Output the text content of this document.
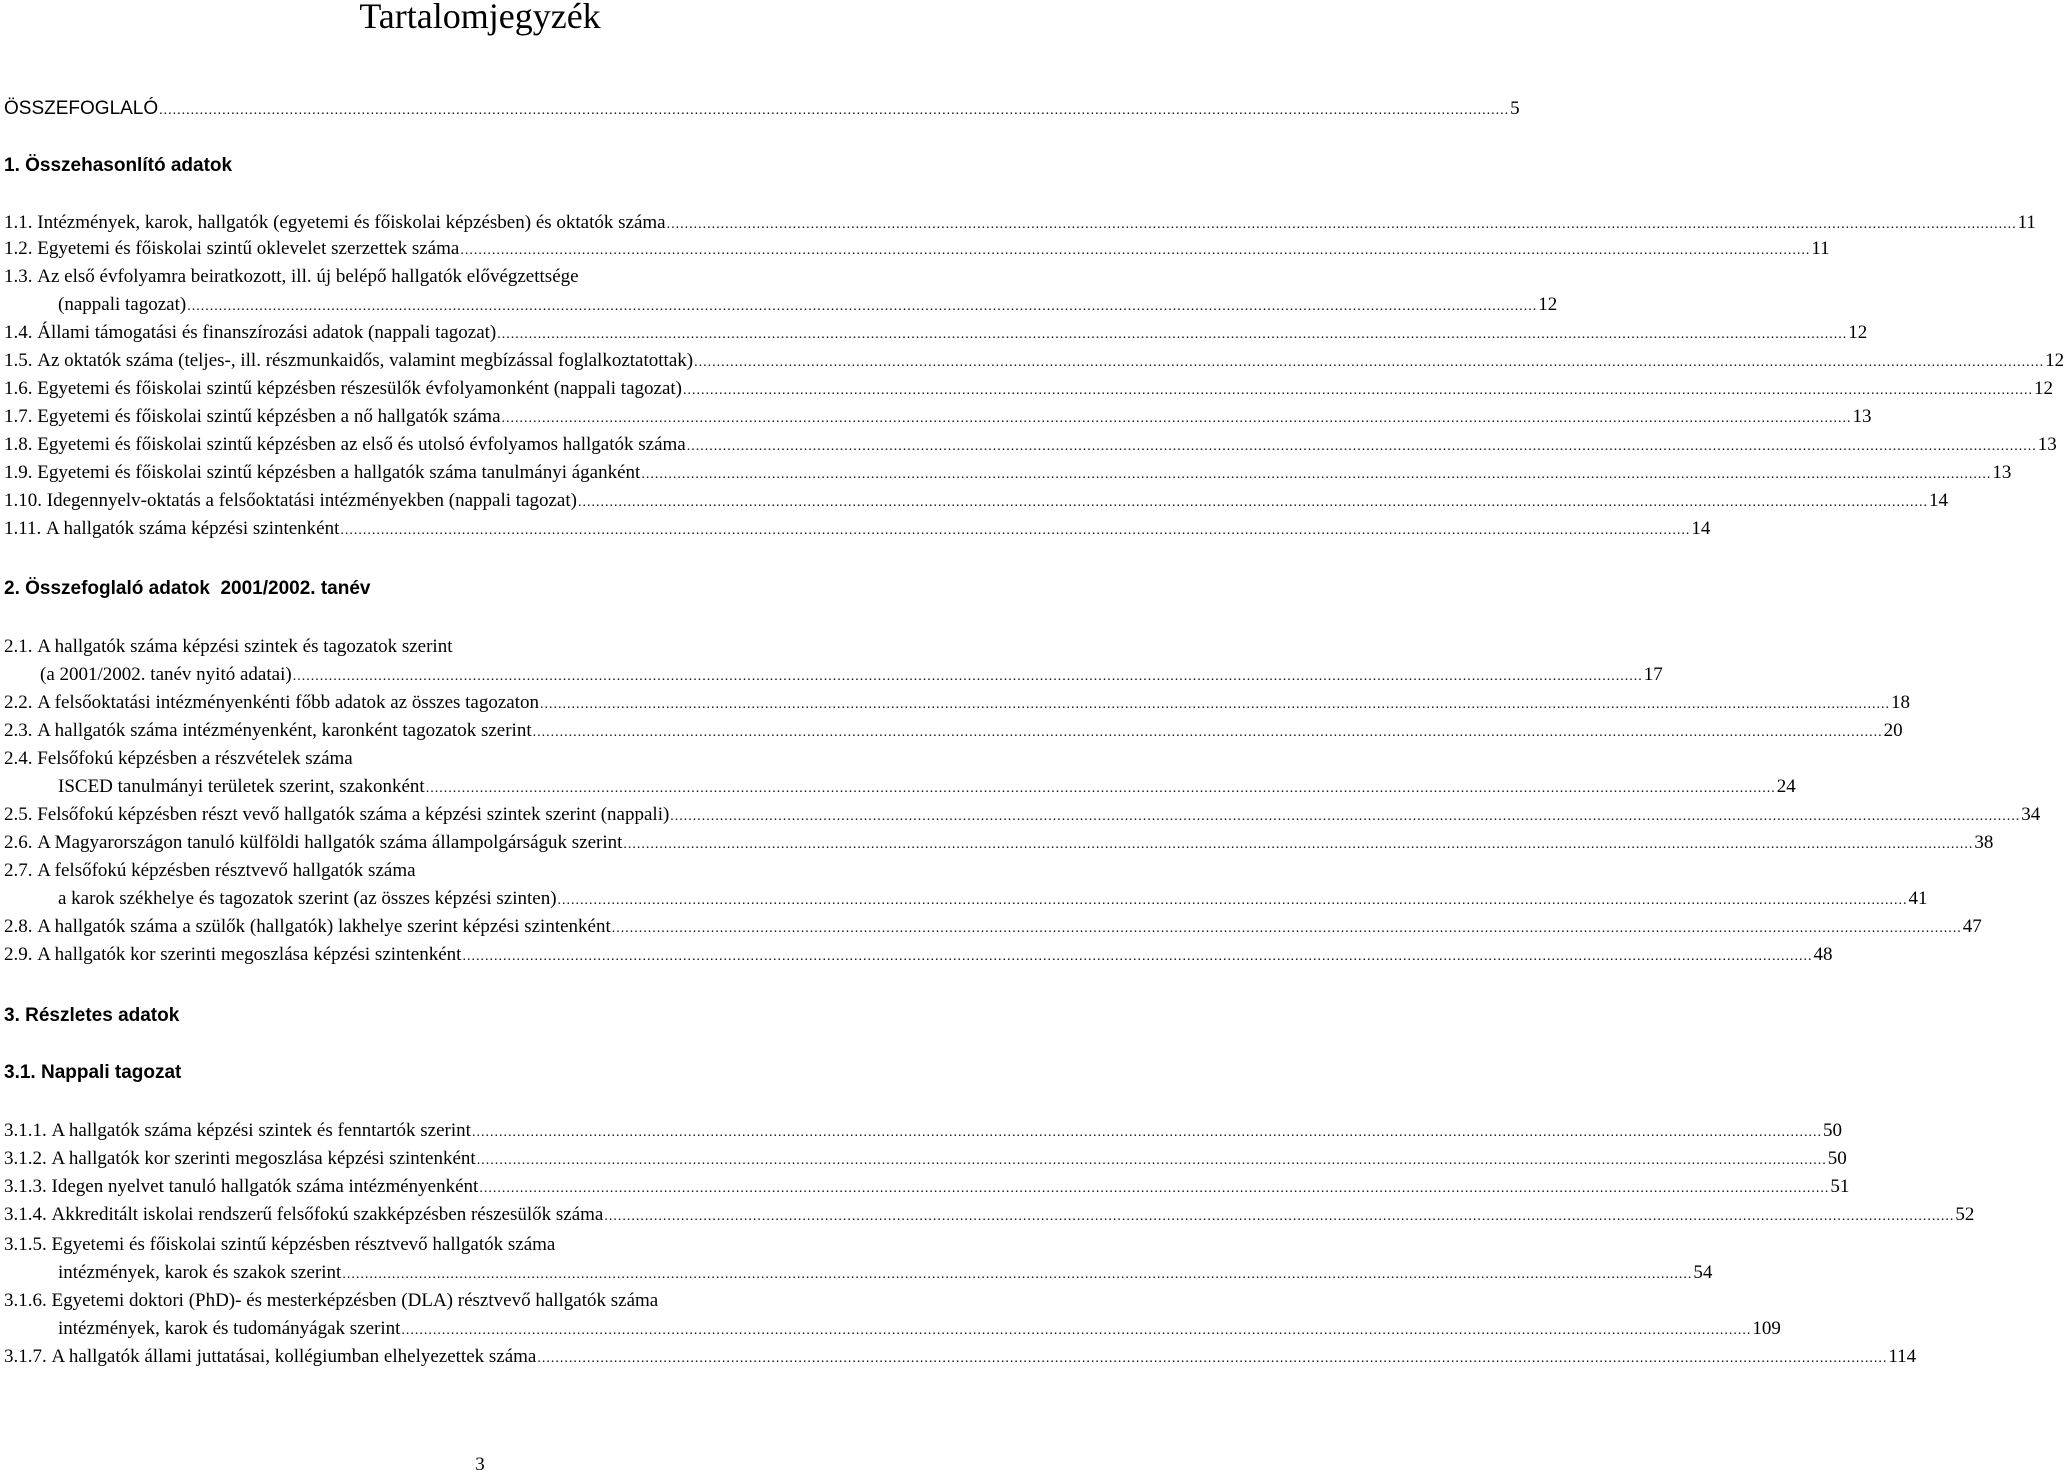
Tartalomjegyzék
ÖSSZEFOGLALÓ ............................................................................................................................................................................................................................................................................................................ 5
1. Összehasonlító adatok
1.1.
Intézmények, karok, hallgatók (egyetemi és főiskolai képzésben) és oktatók száma ............................................................................................................................................................................................................................................................................................................ 11
1.2.
Egyetemi és főiskolai szintű oklevelet szerzettek száma ............................................................................................................................................................................................................................................................................................................ 11
1.3. Az első évfolyamra beiratkozott, ill. új belépő hallgatók elővégzettsége
(nappali tagozat) ............................................................................................................................................................................................................................................................................................................ 12
1.4.
Állami támogatási és finanszírozási adatok (nappali tagozat) ............................................................................................................................................................................................................................................................................................................ 12
1.5.
Az oktatók száma (teljes-, ill. részmunkaidős, valamint megbízással foglalkoztatottak) ............................................................................................................................................................................................................................................................................................................ 12
1.6.
Egyetemi és főiskolai szintű képzésben részesülők évfolyamonként (nappali tagozat) ............................................................................................................................................................................................................................................................................................................ 12
1.7.
Egyetemi és főiskolai szintű képzésben a nő hallgatók száma ............................................................................................................................................................................................................................................................................................................ 13
1.8.
Egyetemi és főiskolai szintű képzésben az első és utolsó évfolyamos hallgatók száma ............................................................................................................................................................................................................................................................................................................ 13
1.9.
Egyetemi és főiskolai szintű képzésben a hallgatók száma tanulmányi áganként ............................................................................................................................................................................................................................................................................................................ 13
1.10.
Idegennyelv-oktatás a felsőoktatási intézményekben (nappali tagozat) ............................................................................................................................................................................................................................................................................................................ 14
1.11.
A hallgatók száma képzési szintenként ............................................................................................................................................................................................................................................................................................................ 14
2. Összefoglaló adatok  2001/2002. tanév
2.1. A hallgatók száma képzési szintek és tagozatok szerint
(a 2001/2002. tanév nyitó adatai) ............................................................................................................................................................................................................................................................................................................ 17
2.2.
A felsőoktatási intézményenkénti főbb adatok az összes tagozaton ............................................................................................................................................................................................................................................................................................................ 18
2.3.
A hallgatók száma intézményenként, karonként tagozatok szerint ............................................................................................................................................................................................................................................................................................................ 20
2.4. Felsőfokú képzésben a részvételek száma
ISCED tanulmányi területek szerint, szakonként ............................................................................................................................................................................................................................................................................................................ 24
2.5.
Felsőfokú képzésben részt vevő hallgatók száma a képzési szintek szerint (nappali) ............................................................................................................................................................................................................................................................................................................ 34
2.6.
A Magyarországon tanuló külföldi hallgatók száma állampolgárságuk szerint ............................................................................................................................................................................................................................................................................................................ 38
2.7. A felsőfokú képzésben résztvevő hallgatók száma
a karok székhelye és tagozatok szerint (az összes képzési szinten) ............................................................................................................................................................................................................................................................................................................ 41
2.8.
A hallgatók száma a szülők (hallgatók) lakhelye szerint képzési szintenként ............................................................................................................................................................................................................................................................................................................ 47
2.9.
A hallgatók kor szerinti megoszlása képzési szintenként ............................................................................................................................................................................................................................................................................................................ 48
3. Részletes adatok
3.1. Nappali tagozat
3.1.1.
A hallgatók száma képzési szintek és fenntartók szerint ............................................................................................................................................................................................................................................................................................................ 50
3.1.2.
A hallgatók kor szerinti megoszlása képzési szintenként ............................................................................................................................................................................................................................................................................................................ 50
3.1.3.
Idegen nyelvet tanuló hallgatók száma intézményenként ............................................................................................................................................................................................................................................................................................................ 51
3.1.4.
Akkreditált iskolai rendszerű felsőfokú szakképzésben részesülők száma ............................................................................................................................................................................................................................................................................................................ 52
3.1.5. Egyetemi és főiskolai szintű képzésben résztvevő hallgatók száma
intézmények, karok és szakok szerint ............................................................................................................................................................................................................................................................................................................ 54
3.1.6. Egyetemi doktori (PhD)- és mesterképzésben (DLA) résztvevő hallgatók száma
intézmények, karok és tudományágak szerint ............................................................................................................................................................................................................................................................................................................ 109
3.1.7.
A hallgatók állami juttatásai, kollégiumban elhelyezettek száma ............................................................................................................................................................................................................................................................................................................ 114
3
